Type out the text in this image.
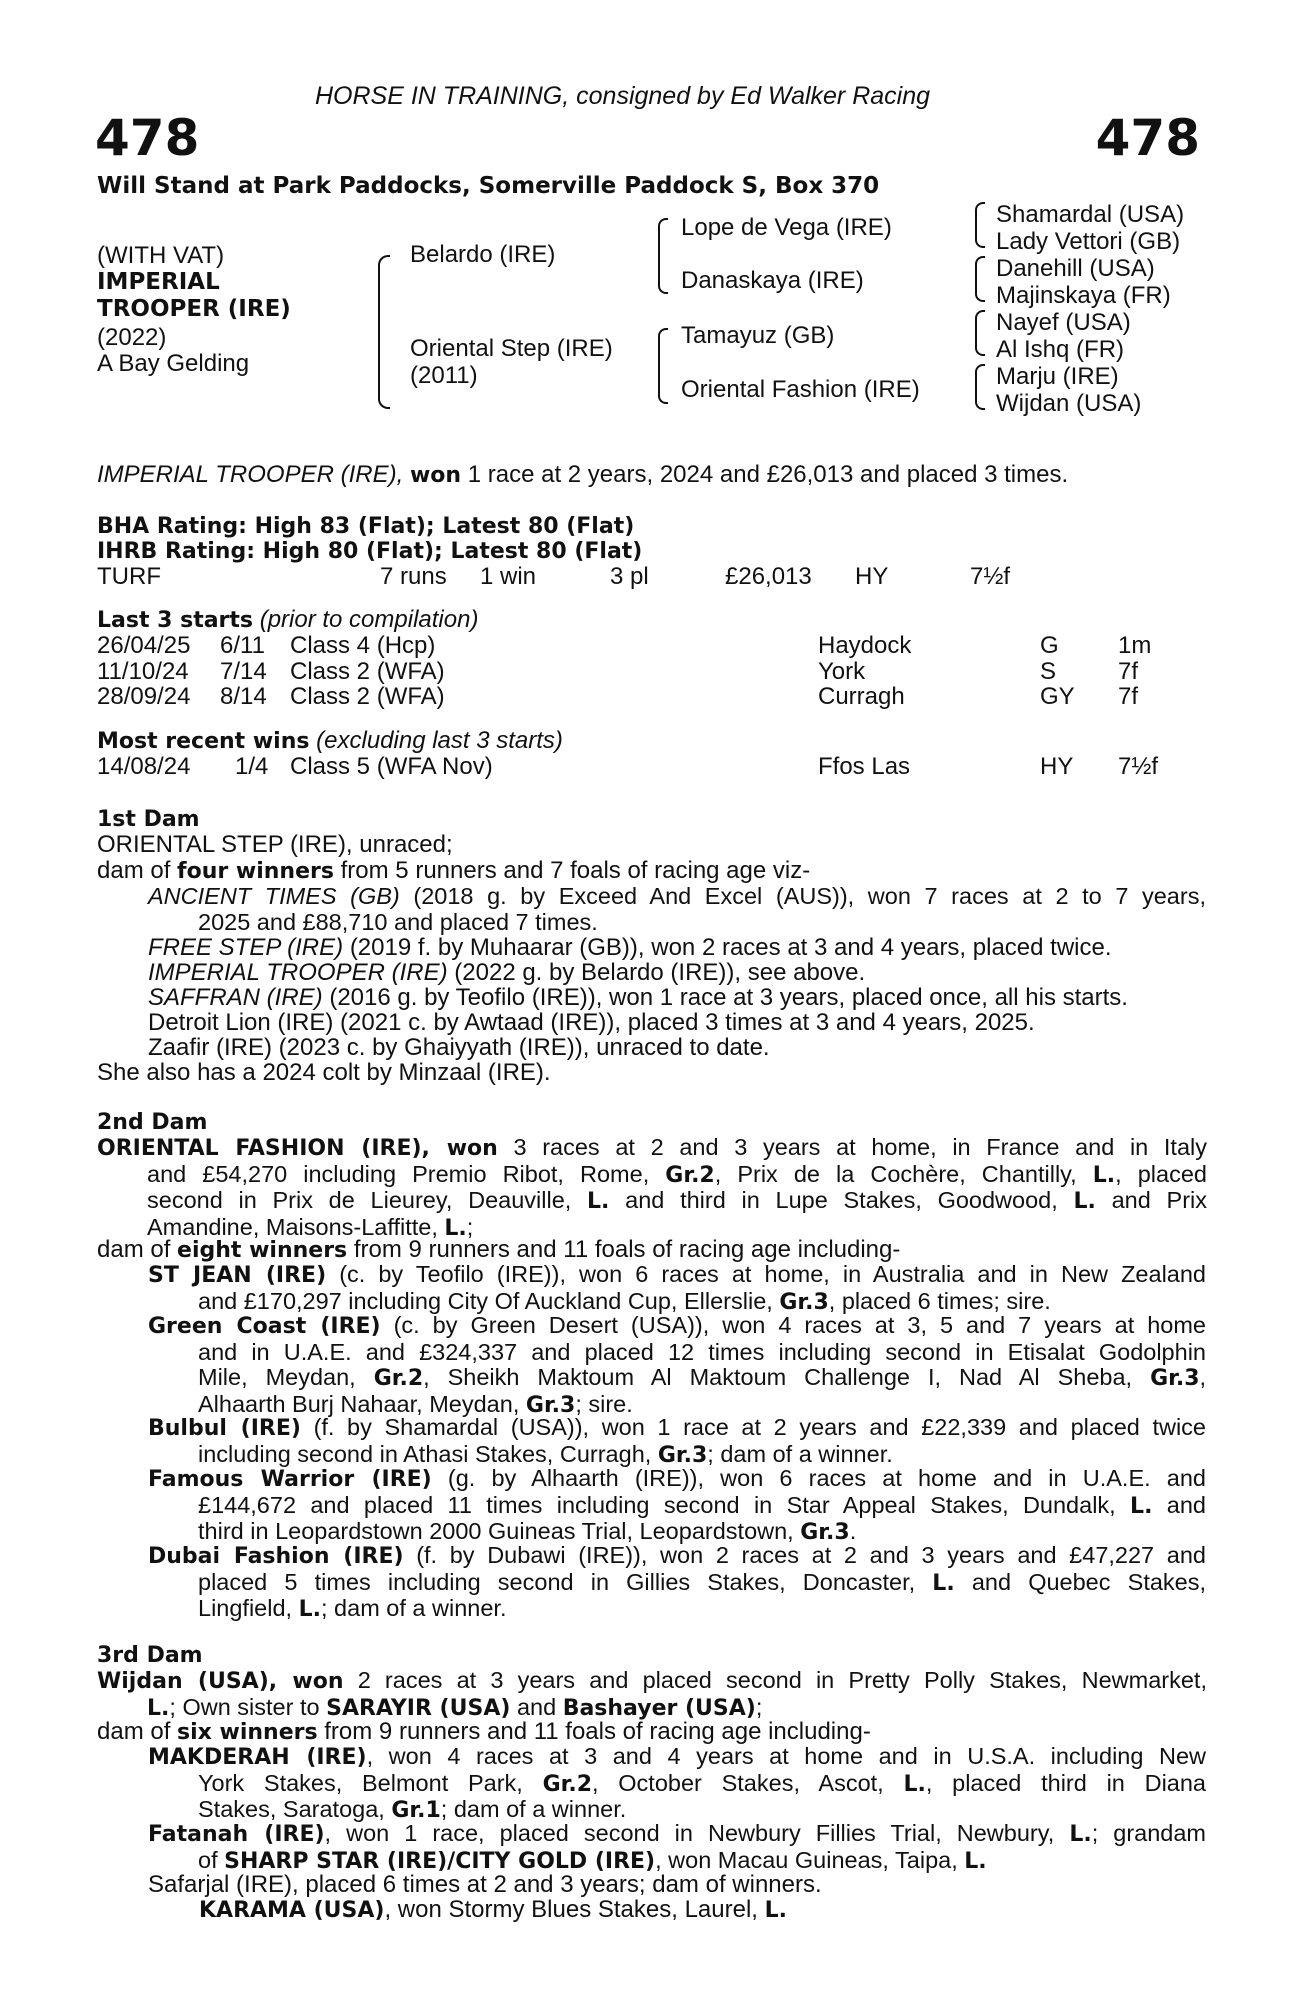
HORSE IN TRAINING, consigned by Ed Walker Racing
478	478
Will Stand at Park Paddocks, Somerville Paddock S, Box 370
(WITH VAT)
IMPERIAL
TROOPER (IRE)
(2022)
A Bay Gelding
Belardo (IRE)
Oriental Step (IRE)
(2011)
Lope de Vega (IRE)
Danaskaya (IRE)
Tamayuz (GB)
Oriental Fashion (IRE)
Shamardal (USA)
Lady Vettori (GB)
Danehill (USA)
Majinskaya (FR)
Nayef (USA)
Al Ishq (FR)
Marju (IRE)
Wijdan (USA)
IMPERIAL TROOPER (IRE), won 1 race at 2 years, 2024 and £26,013 and placed 3 times.
BHA Rating: High 83 (Flat); Latest 80 (Flat)
IHRB Rating: High 80 (Flat); Latest 80 (Flat)
TURF	7 runs 1 win	3 pl	£26,013 HY	7½f
Last 3 starts (prior to compilation)
26/04/25 6/11 Class 4 (Hcp)	Haydock	G 1m
11/10/24 7/14 Class 2 (WFA)	York	S	7f
28/09/24 8/14 Class 2 (WFA)	Curragh	GY 7f
Most recent wins (excluding last 3 starts)
14/08/24 1/4 Class 5 (WFA Nov)	Ffos Las	HY 7½f
1st Dam
ORIENTAL STEP (IRE), unraced;
dam of four winners from 5 runners and 7 foals of racing age viz-
ANCIENT TIMES (GB) (2018 g. by Exceed And Excel (AUS)), won 7 races at 2 to 7 years,
2025 and £88,710 and placed 7 times.
FREE STEP (IRE) (2019 f. by Muhaarar (GB)), won 2 races at 3 and 4 years, placed twice.
IMPERIAL TROOPER (IRE) (2022 g. by Belardo (IRE)), see above.
SAFFRAN (IRE) (2016 g. by Teofilo (IRE)), won 1 race at 3 years, placed once, all his starts.
Detroit Lion (IRE) (2021 c. by Awtaad (IRE)), placed 3 times at 3 and 4 years, 2025.
Zaafir (IRE) (2023 c. by Ghaiyyath (IRE)), unraced to date.
She also has a 2024 colt by Minzaal (IRE).
2nd Dam
ORIENTAL FASHION (IRE), won 3 races at 2 and 3 years at home, in France and in Italy
and £54,270 including Premio Ribot, Rome, Gr.2, Prix de la Cochère, Chantilly, L., placed
second in Prix de Lieurey, Deauville, L. and third in Lupe Stakes, Goodwood, L. and Prix
Amandine, Maisons-Laffitte, L.;
dam of eight winners from 9 runners and 11 foals of racing age including-
ST JEAN (IRE) (c. by Teofilo (IRE)), won 6 races at home, in Australia and in New Zealand
and £170,297 including City Of Auckland Cup, Ellerslie, Gr.3, placed 6 times; sire.
Green Coast (IRE) (c. by Green Desert (USA)), won 4 races at 3, 5 and 7 years at home
and in U.A.E. and £324,337 and placed 12 times including second in Etisalat Godolphin
Mile, Meydan, Gr.2, Sheikh Maktoum Al Maktoum Challenge I, Nad Al Sheba, Gr.3,
Alhaarth Burj Nahaar, Meydan, Gr.3; sire.
Bulbul (IRE) (f. by Shamardal (USA)), won 1 race at 2 years and £22,339 and placed twice
including second in Athasi Stakes, Curragh, Gr.3; dam of a winner.
Famous Warrior (IRE) (g. by Alhaarth (IRE)), won 6 races at home and in U.A.E. and
£144,672 and placed 11 times including second in Star Appeal Stakes, Dundalk, L. and
third in Leopardstown 2000 Guineas Trial, Leopardstown, Gr.3.
Dubai Fashion (IRE) (f. by Dubawi (IRE)), won 2 races at 2 and 3 years and £47,227 and
placed 5 times including second in Gillies Stakes, Doncaster, L. and Quebec Stakes,
Lingfield, L.; dam of a winner.
3rd Dam
Wijdan (USA), won 2 races at 3 years and placed second in Pretty Polly Stakes, Newmarket,
L.; Own sister to SARAYIR (USA) and Bashayer (USA);
dam of six winners from 9 runners and 11 foals of racing age including-
MAKDERAH (IRE), won 4 races at 3 and 4 years at home and in U.S.A. including New
York Stakes, Belmont Park, Gr.2, October Stakes, Ascot, L., placed third in Diana
Stakes, Saratoga, Gr.1; dam of a winner.
Fatanah (IRE), won 1 race, placed second in Newbury Fillies Trial, Newbury, L.; grandam
of SHARP STAR (IRE)/CITY GOLD (IRE), won Macau Guineas, Taipa, L.
Safarjal (IRE), placed 6 times at 2 and 3 years; dam of winners.
KARAMA (USA), won Stormy Blues Stakes, Laurel, L.
